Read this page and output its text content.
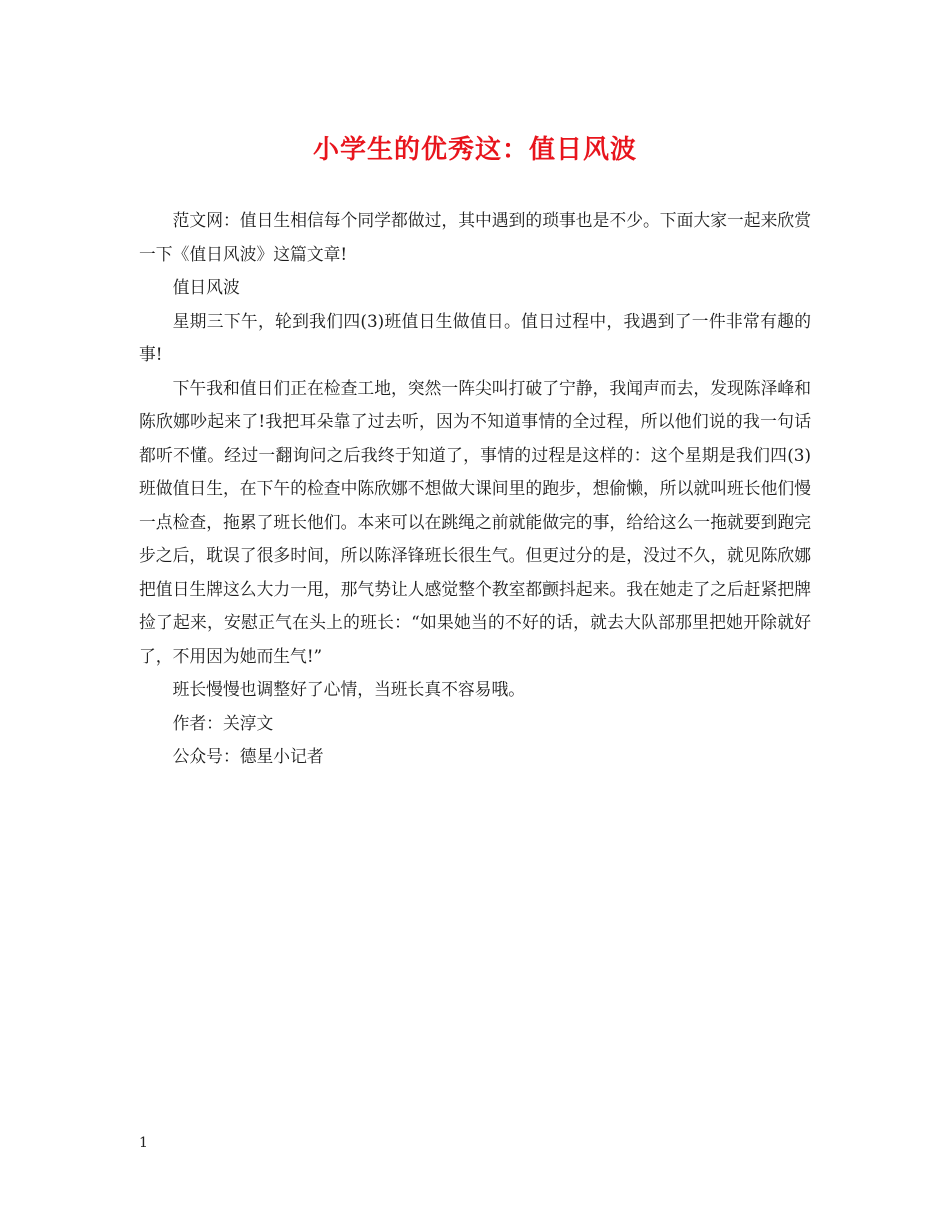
小学生的优秀这：值日风波

范文网：值日生相信每个同学都做过，其中遇到的琐事也是不少。下面大家一起来欣赏一下《值日风波》这篇文章!

值日风波

星期三下午，轮到我们四(3)班值日生做值日。值日过程中，我遇到了一件非常有趣的事!

下午我和值日们正在检查工地，突然一阵尖叫打破了宁静，我闻声而去，发现陈泽峰和陈欣娜吵起来了!我把耳朵靠了过去听，因为不知道事情的全过程，所以他们说的我一句话都听不懂。经过一翻询问之后我终于知道了，事情的过程是这样的：这个星期是我们四(3)班做值日生，在下午的检查中陈欣娜不想做大课间里的跑步，想偷懒，所以就叫班长他们慢一点检查，拖累了班长他们。本来可以在跳绳之前就能做完的事，给给这么一拖就要到跑完步之后，耽误了很多时间，所以陈泽锋班长很生气。但更过分的是，没过不久，就见陈欣娜把值日生牌这么大力一甩，那气势让人感觉整个教室都颤抖起来。我在她走了之后赶紧把牌捡了起来，安慰正气在头上的班长：“如果她当的不好的话，就去大队部那里把她开除就好了，不用因为她而生气!”

班长慢慢也调整好了心情，当班长真不容易哦。

作者：关淳文

公众号：德星小记者

1
